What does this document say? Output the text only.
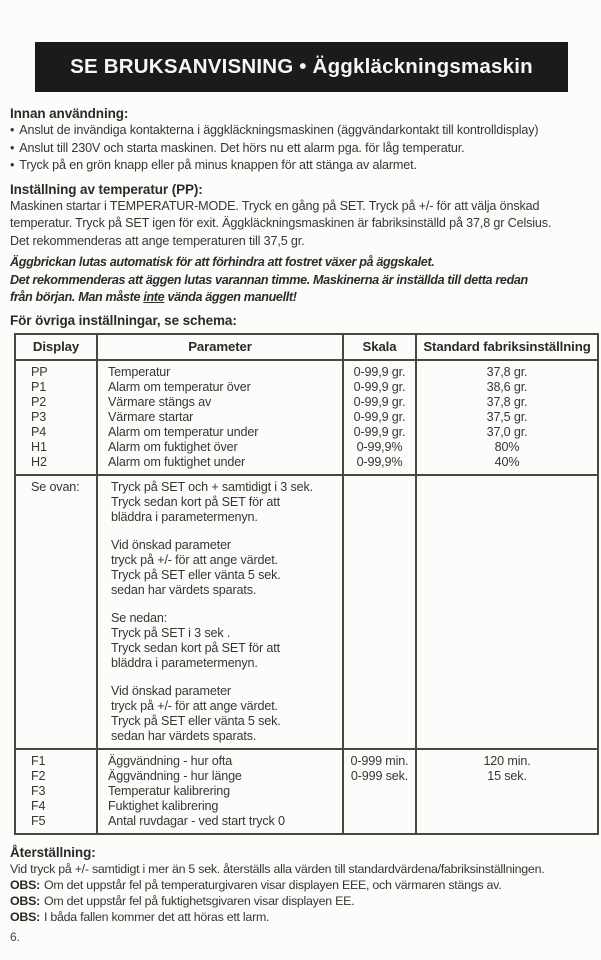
SE BRUKSANVISNING • Äggkläckningsmaskin
Innan användning:
• Anslut de invändiga kontakterna i äggkläckningsmaskinen (äggvändarkontakt till kontrolldisplay)
• Anslut till 230V och starta maskinen. Det hörs nu ett alarm pga. för låg temperatur.
• Tryck på en grön knapp eller på minus knappen för att stänga av alarmet.
Inställning av temperatur (PP):
Maskinen startar i TEMPERATUR-MODE. Tryck en gång på SET. Tryck på +/- för att välja önskad
temperatur. Tryck på SET igen för exit. Äggkläckningsmaskinen är fabriksinställd på 37,8 gr Celsius.
Det rekommenderas att ange temperaturen till 37,5 gr.
Äggbrickan lutas automatisk för att förhindra att fostret växer på äggskalet.
Det rekommenderas att äggen lutas varannan timme. Maskinerna är inställda till detta redan
från början. Man måste inte vända äggen manuellt!
För övriga inställningar, se schema:
Display	Parameter	Skala	Standard fabriksinställning
PP	Temperatur	0-99,9 gr.	37,8 gr.
P1	Alarm om temperatur över	0-99,9 gr.	38,6 gr.
P2	Värmare stängs av	0-99,9 gr.	37,8 gr.
P3	Värmare startar	0-99,9 gr.	37,5 gr.
P4	Alarm om temperatur under	0-99,9 gr.	37,0 gr.
H1	Alarm om fuktighet över	0-99,9%	80%
H2	Alarm om fuktighet under	0-99,9%	40%
Se ovan:	Tryck på SET och + samtidigt i 3 sek.
Tryck sedan kort på SET för att
bläddra i parametermenyn.
Vid önskad parameter
tryck på +/- för att ange värdet.
Tryck på SET eller vänta 5 sek.
sedan har värdets sparats.
Se nedan:
Tryck på SET i 3 sek .
Tryck sedan kort på SET för att
bläddra i parametermenyn.
Vid önskad parameter
tryck på +/- för att ange värdet.
Tryck på SET eller vänta 5 sek.
sedan har värdets sparats.

F1	Äggvändning - hur ofta	0-999 min.	120 min.
F2	Äggvändning - hur länge	0-999 sek.	15 sek.
F3	Temperatur kalibrering		
F4	Fuktighet kalibrering		
F5	Antal ruvdagar - ved start tryck 0		
Återställning:
Vid tryck på +/- samtidigt i mer än 5 sek. återställs alla värden till standardvärdena/fabriksinställningen.
OBS: Om det uppstår fel på temperaturgivaren visar displayen EEE, och värmaren stängs av.
OBS: Om det uppstår fel på fuktighetsgivaren visar displayen EE.
OBS: I båda fallen kommer det att höras ett larm.
6.
